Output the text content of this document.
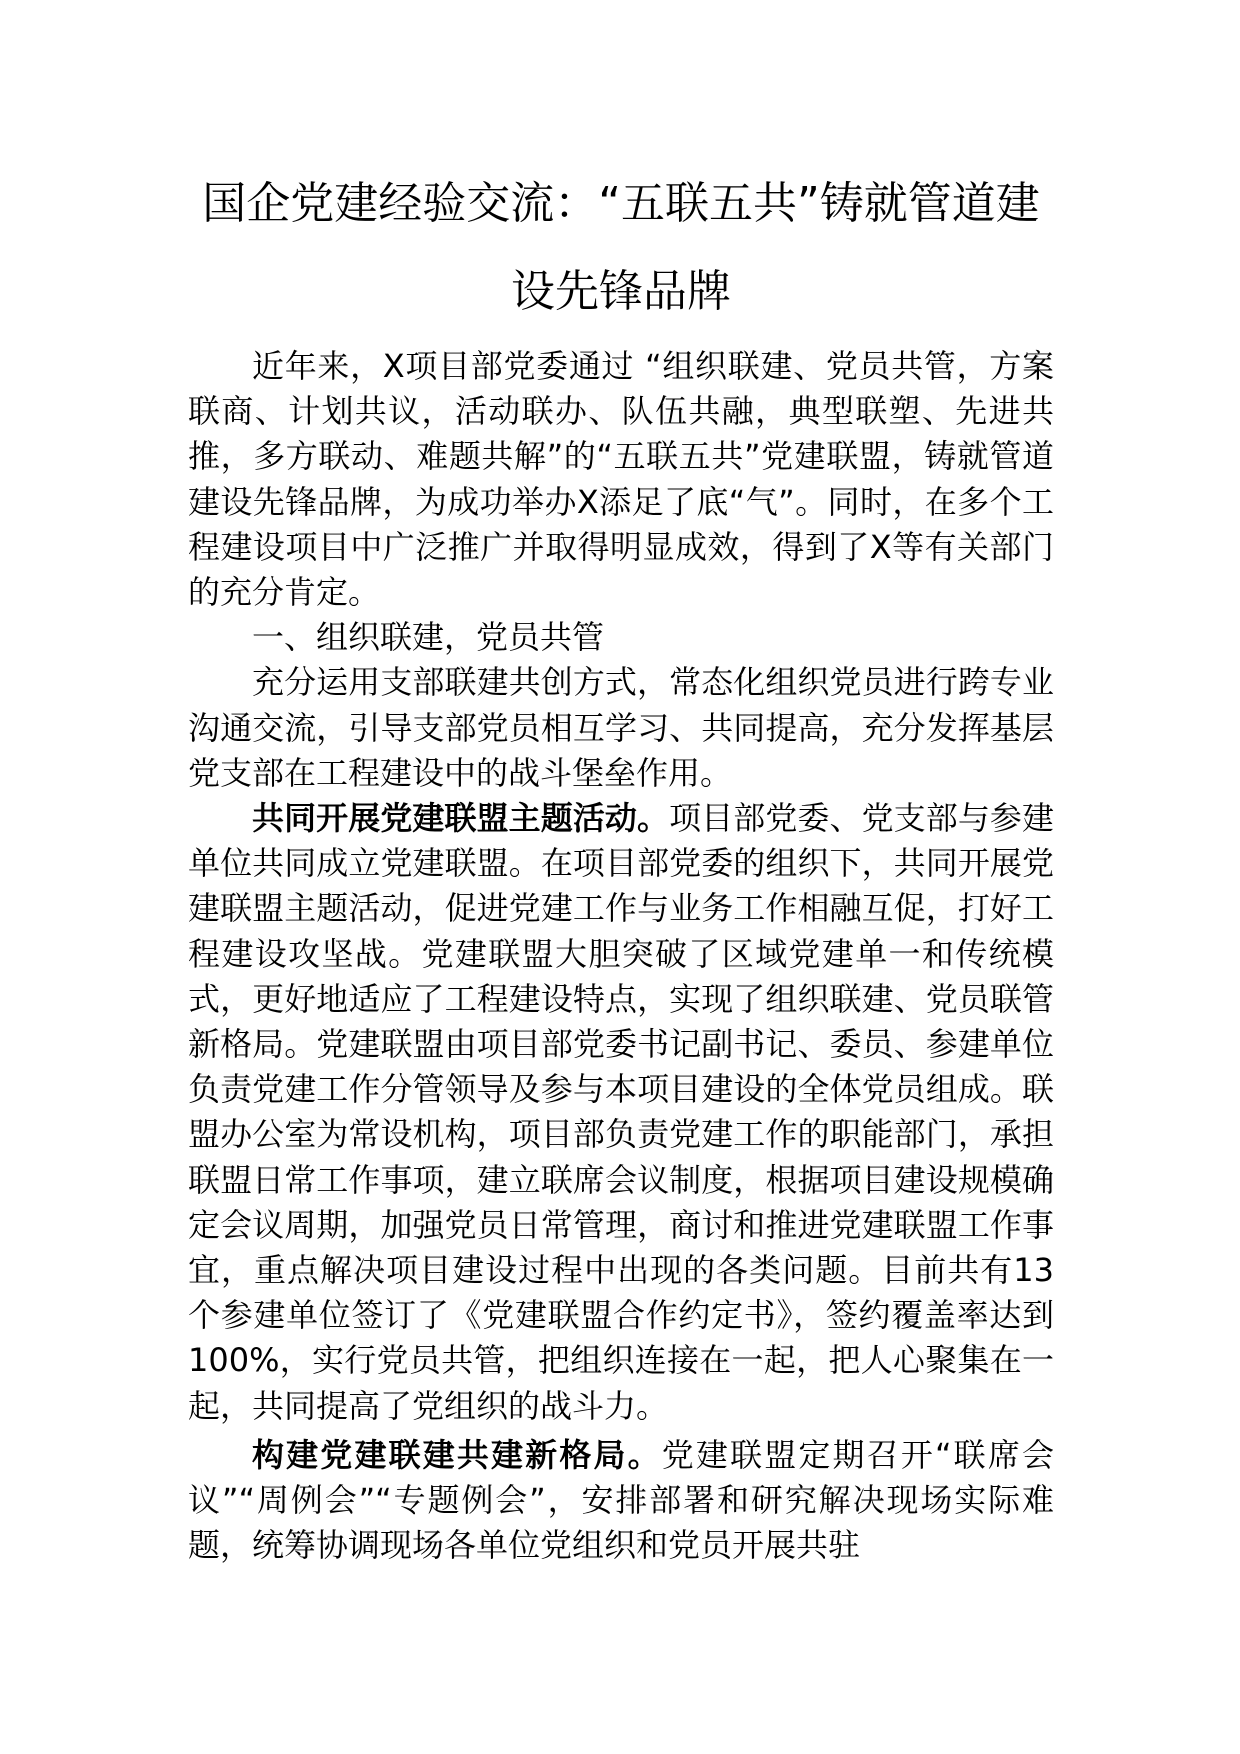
国企党建经验交流：“五联五共”铸就管道建设先锋品牌

近年来，X项目部党委通过 “组织联建、党员共管，方案联商、计划共议，活动联办、队伍共融，典型联塑、先进共推，多方联动、难题共解”的“五联五共”党建联盟，铸就管道建设先锋品牌，为成功举办X添足了底“气”。同时，在多个工程建设项目中广泛推广并取得明显成效，得到了X等有关部门的充分肯定。

一、组织联建，党员共管

充分运用支部联建共创方式，常态化组织党员进行跨专业沟通交流，引导支部党员相互学习、共同提高，充分发挥基层党支部在工程建设中的战斗堡垒作用。

共同开展党建联盟主题活动。项目部党委、党支部与参建单位共同成立党建联盟。在项目部党委的组织下，共同开展党建联盟主题活动，促进党建工作与业务工作相融互促，打好工程建设攻坚战。党建联盟大胆突破了区域党建单一和传统模式，更好地适应了工程建设特点，实现了组织联建、党员联管新格局。党建联盟由项目部党委书记副书记、委员、参建单位负责党建工作分管领导及参与本项目建设的全体党员组成。联盟办公室为常设机构，项目部负责党建工作的职能部门，承担联盟日常工作事项，建立联席会议制度，根据项目建设规模确定会议周期，加强党员日常管理，商讨和推进党建联盟工作事宜，重点解决项目建设过程中出现的各类问题。目前共有13个参建单位签订了《党建联盟合作约定书》，签约覆盖率达到100%，实行党员共管，把组织连接在一起，把人心聚集在一起，共同提高了党组织的战斗力。

构建党建联建共建新格局。党建联盟定期召开“联席会议”“周例会”“专题例会”，安排部署和研究解决现场实际难题，统筹协调现场各单位党组织和党员开展共驻
